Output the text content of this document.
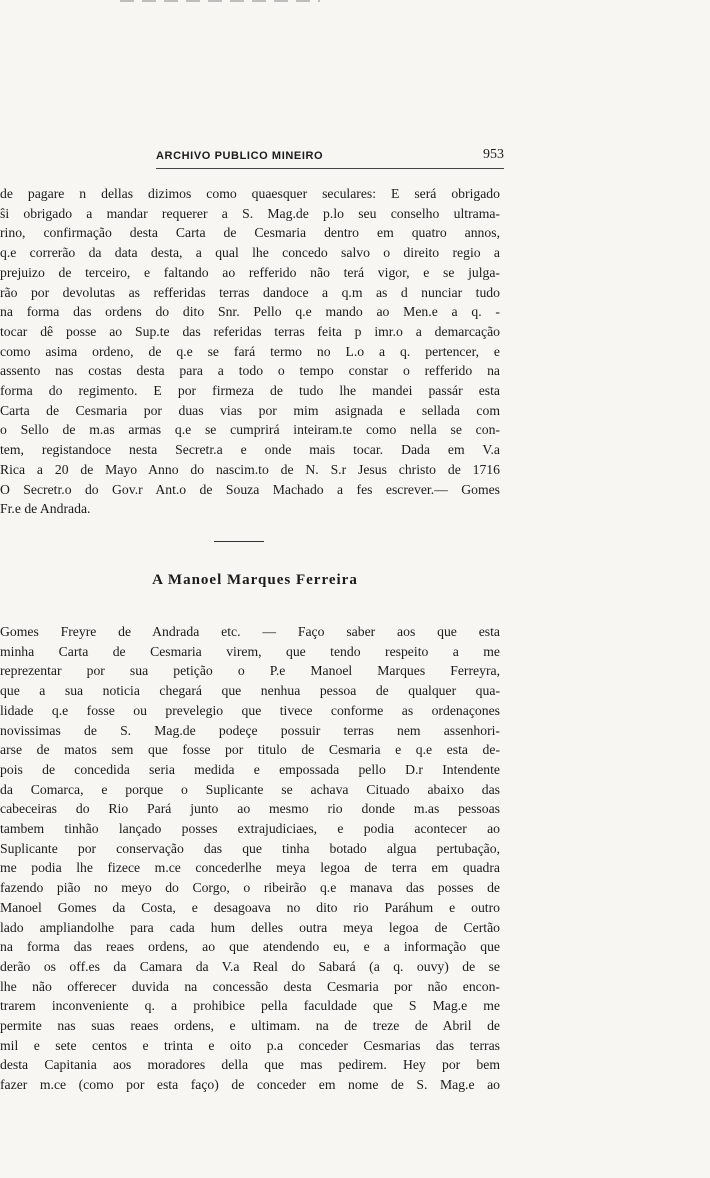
ARCHIVO PUBLICO MINEIRO	953
de pagare n dellas dizimos como quaesquer seculares: E será obrigado
ŝi obrigado a mandar requerer a S. Mag.de p.lo seu conselho ultrama-
rino, confirmação desta Carta de Cesmaria dentro em quatro annos,
q.e correrão da data desta, a qual lhe concedo salvo o direito regio a
prejuizo de terceiro, e faltando ao refferido não terá vigor, e se julga-
rão por devolutas as refferidas terras dandoce a q.m as d nunciar tudo
na forma das ordens do dito Snr. Pello q.e mando ao Men.e a q. -
tocar dê posse ao Sup.te das referidas terras feita p imr.o a demarcação
como asima ordeno, de q.e se fará termo no L.o a q. pertencer, e
assento nas costas desta para a todo o tempo constar o refferido na
forma do regimento. E por firmeza de tudo lhe mandei passár esta
Carta de Cesmaria por duas vias por mim asignada e sellada com
o Sello de m.as armas q.e se cumprirá inteiram.te como nella se con-
tem, registandoce nesta Secretr.a e onde mais tocar. Dada em V.a
Rica a 20 de Mayo Anno do nascim.to de N. S.r Jesus christo de 1716
O Secretr.o do Gov.r Ant.o de Souza Machado a fes escrever.— Gomes
Fr.e de Andrada.
A Manoel Marques Ferreira
Gomes Freyre de Andrada etc. — Faço saber aos que esta
minha Carta de Cesmaria virem, que tendo respeito a me
reprezentar por sua petição o P.e Manoel Marques Ferreyra,
que a sua noticia chegará que nenhua pessoa de qualquer qua-
lidade q.e fosse ou prevelegio que tivece conforme as ordenaçones
novissimas de S. Mag.de podeçe possuir terras nem assenhori-
arse de matos sem que fosse por titulo de Cesmaria e q.e esta de-
pois de concedida seria medida e empossada pello D.r Intendente
da Comarca, e porque o Suplicante se achava Cituado abaixo das
cabeceiras do Rio Pará junto ao mesmo rio donde m.as pessoas
tambem tinhão lançado posses extrajudiciaes, e podia acontecer ao
Suplicante por conservação das que tinha botado algua pertubação,
me podia lhe fizece m.ce concederlhe meya legoa de terra em quadra
fazendo pião no meyo do Corgo, o ribeirão q.e manava das posses de
Manoel Gomes da Costa, e desagoava no dito rio Paráhum e outro
lado ampliandolhe para cada hum delles outra meya legoa de Certão
na forma das reaes ordens, ao que atendendo eu, e a informação que
derão os off.es da Camara da V.a Real do Sabará (a q. ouvy) de se
lhe não offerecer duvida na concessão desta Cesmaria por não encon-
trarem inconveniente q. a prohibice pella faculdade que S Mag.e me
permite nas suas reaes ordens, e ultimam. na de treze de Abril de
mil e sete centos e trinta e oito p.a conceder Cesmarias das terras
desta Capitania aos moradores della que mas pedirem. Hey por bem
fazer m.ce (como por esta faço) de conceder em nome de S. Mag.e ao
